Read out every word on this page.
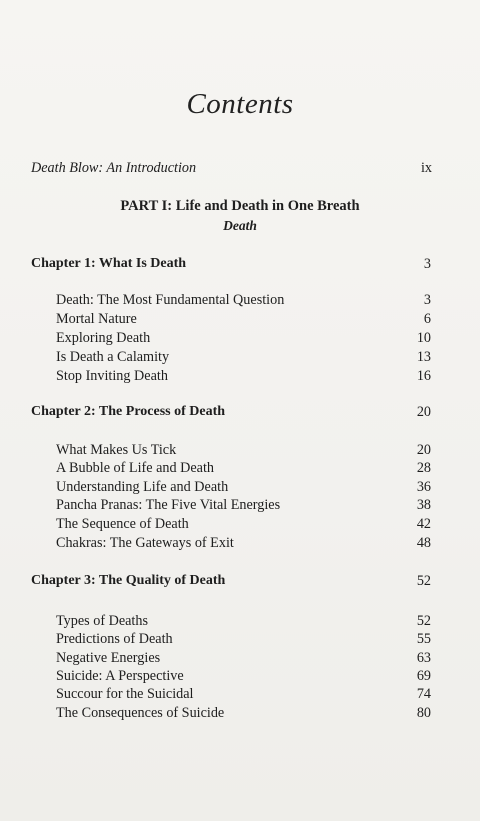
Contents
Death Blow: An Introduction	ix
PART I: Life and Death in One Breath
Death
Chapter 1: What Is Death	3
Death: The Most Fundamental Question	3
Mortal Nature	6
Exploring Death	10
Is Death a Calamity	13
Stop Inviting Death	16
Chapter 2: The Process of Death	20
What Makes Us Tick	20
A Bubble of Life and Death	28
Understanding Life and Death	36
Pancha Pranas: The Five Vital Energies	38
The Sequence of Death	42
Chakras: The Gateways of Exit	48
Chapter 3: The Quality of Death	52
Types of Deaths	52
Predictions of Death	55
Negative Energies	63
Suicide: A Perspective	69
Succour for the Suicidal	74
The Consequences of Suicide	80
